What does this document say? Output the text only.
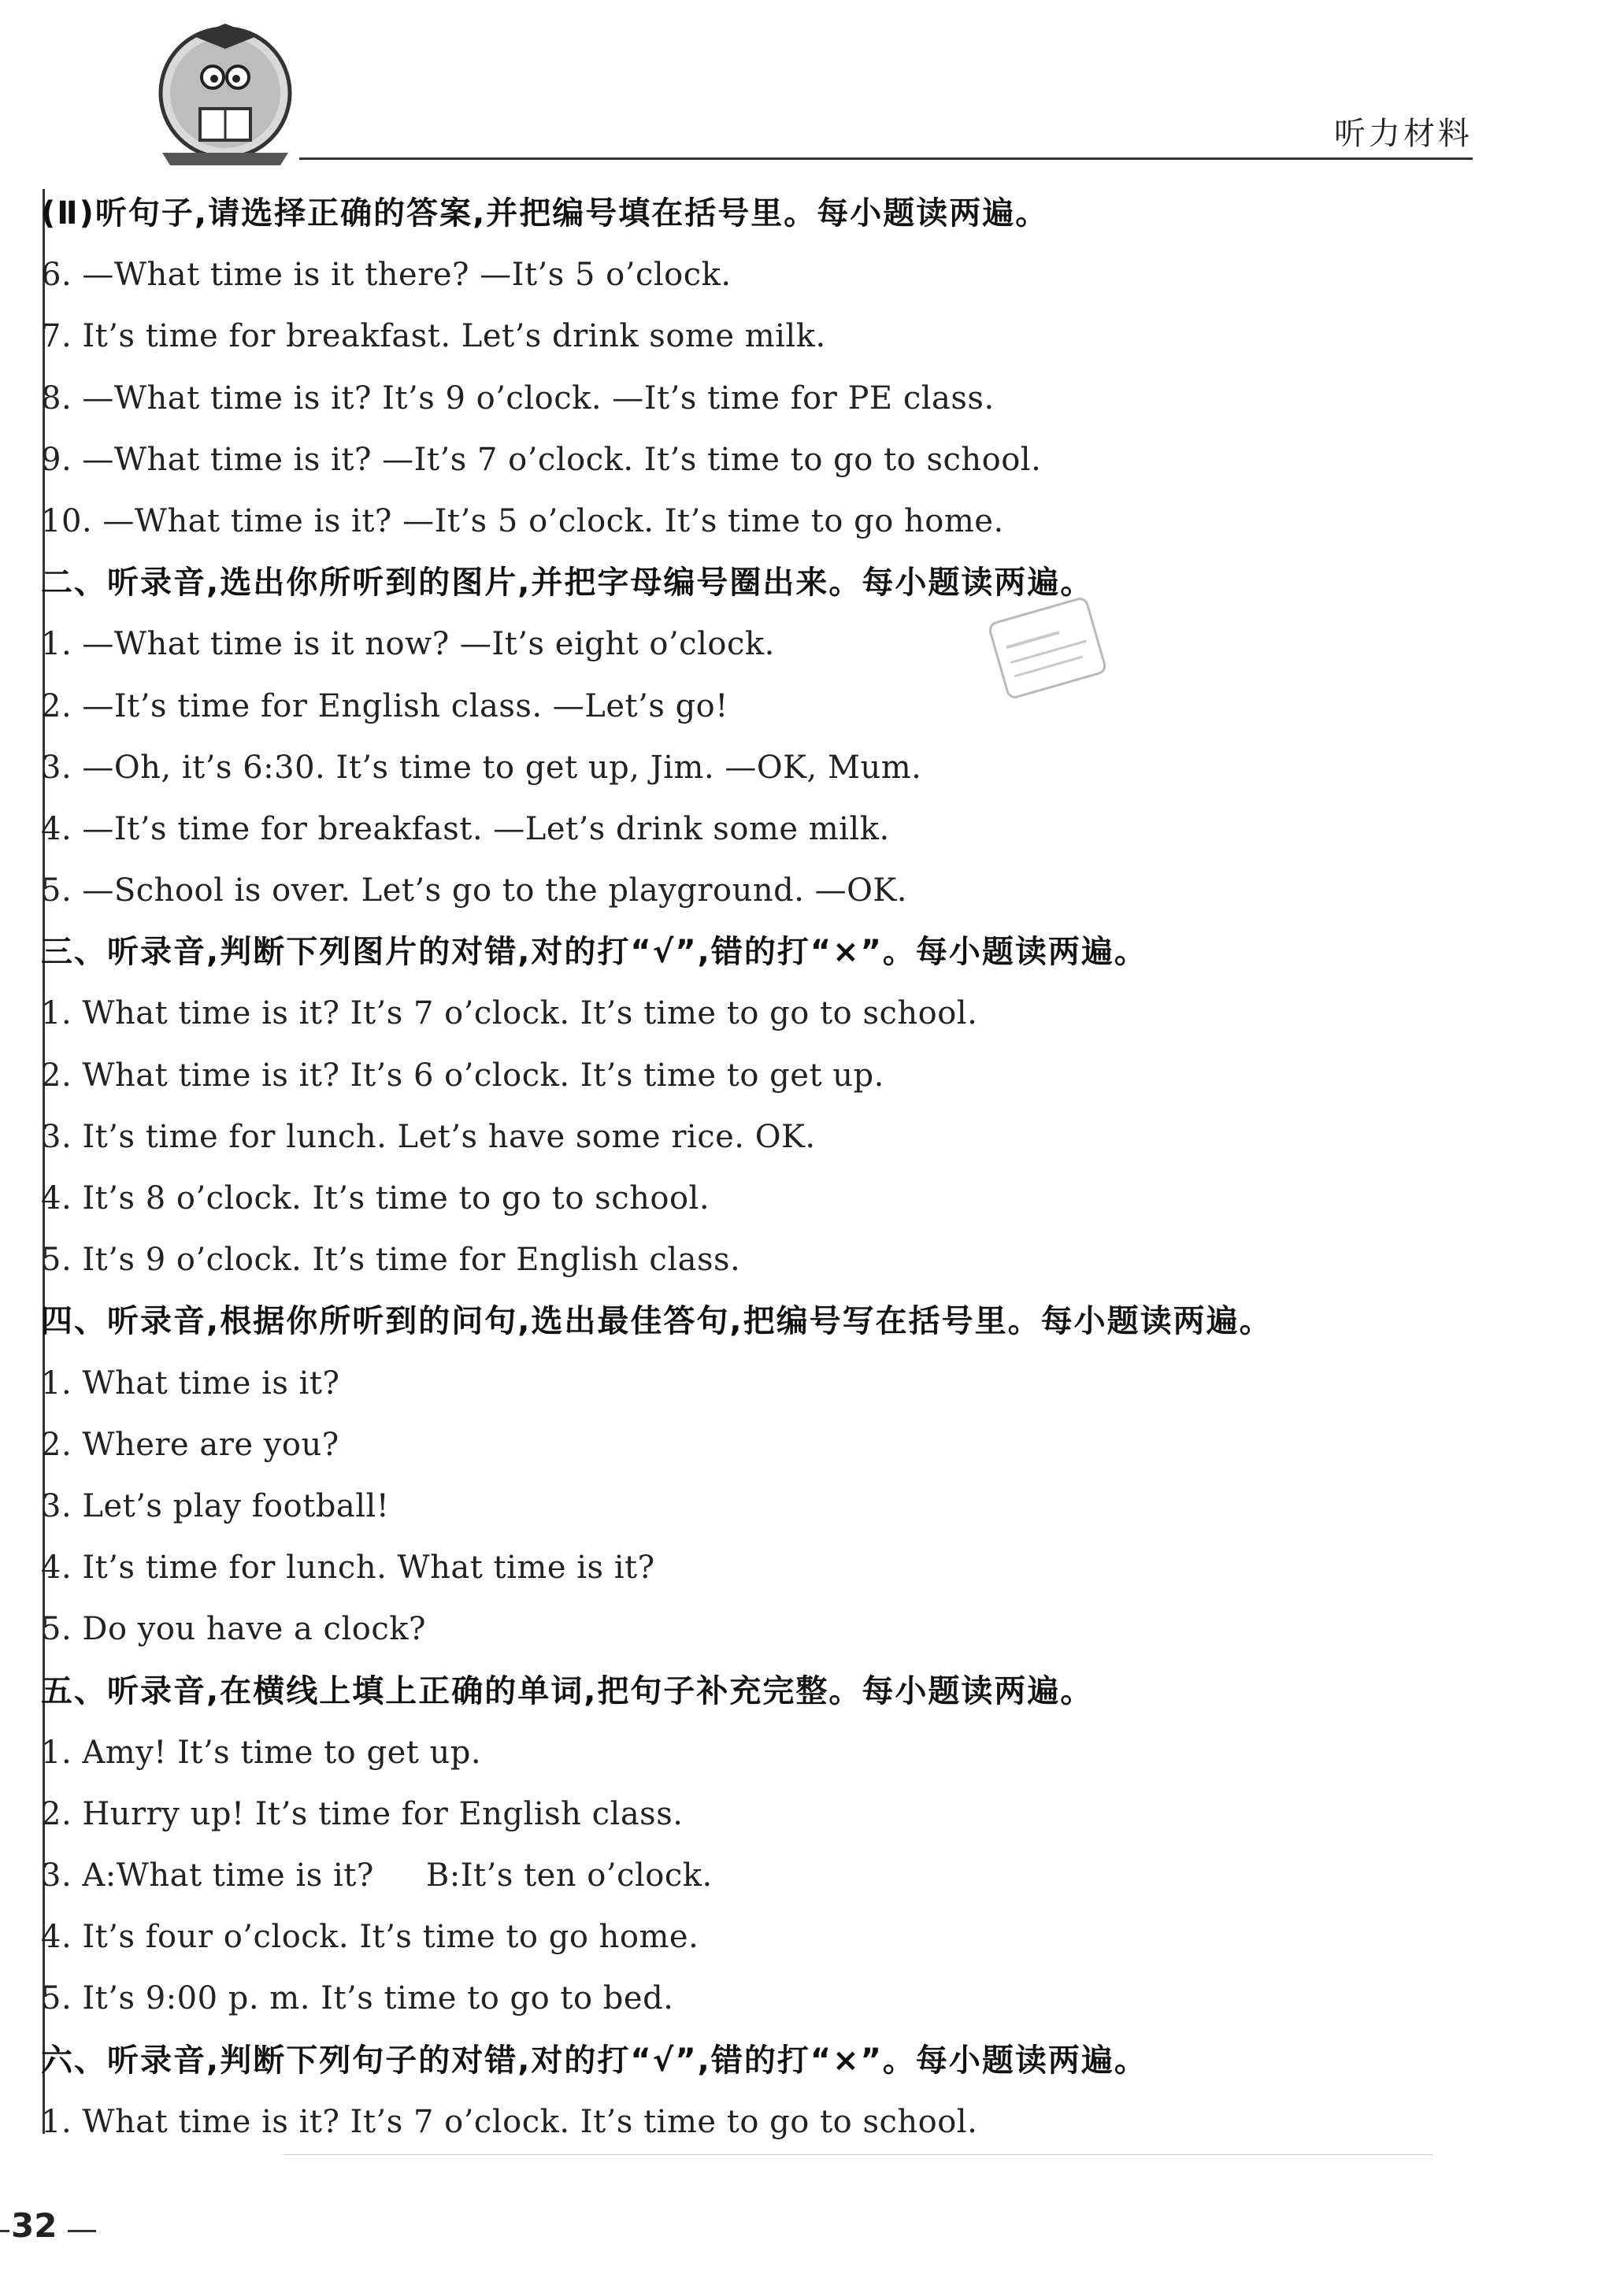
听力材料
(Ⅱ)听句子,请选择正确的答案,并把编号填在括号里。每小题读两遍。
6. —What time is it there? —It’s 5 o’clock.
7. It’s time for breakfast. Let’s drink some milk.
8. —What time is it? It’s 9 o’clock. —It’s time for PE class.
9. —What time is it? —It’s 7 o’clock. It’s time to go to school.
10. —What time is it? —It’s 5 o’clock. It’s time to go home.
二、听录音,选出你所听到的图片,并把字母编号圈出来。每小题读两遍。
1. —What time is it now? —It’s eight o’clock.
2. —It’s time for English class. —Let’s go!
3. —Oh, it’s 6:30. It’s time to get up, Jim. —OK, Mum.
4. —It’s time for breakfast. —Let’s drink some milk.
5. —School is over. Let’s go to the playground. —OK.
三、听录音,判断下列图片的对错,对的打“√”,错的打“×”。每小题读两遍。
1. What time is it? It’s 7 o’clock. It’s time to go to school.
2. What time is it? It’s 6 o’clock. It’s time to get up.
3. It’s time for lunch. Let’s have some rice. OK.
4. It’s 8 o’clock. It’s time to go to school.
5. It’s 9 o’clock. It’s time for English class.
四、听录音,根据你所听到的问句,选出最佳答句,把编号写在括号里。每小题读两遍。
1. What time is it?
2. Where are you?
3. Let’s play football!
4. It’s time for lunch. What time is it?
5. Do you have a clock?
五、听录音,在横线上填上正确的单词,把句子补充完整。每小题读两遍。
1. Amy! It’s time to get up.
2. Hurry up! It’s time for English class.
3. A:What time is it?     B:It’s ten o’clock.
4. It’s four o’clock. It’s time to go home.
5. It’s 9:00 p. m. It’s time to go to bed.
六、听录音,判断下列句子的对错,对的打“√”,错的打“×”。每小题读两遍。
1. What time is it? It’s 7 o’clock. It’s time to go to school.
32
